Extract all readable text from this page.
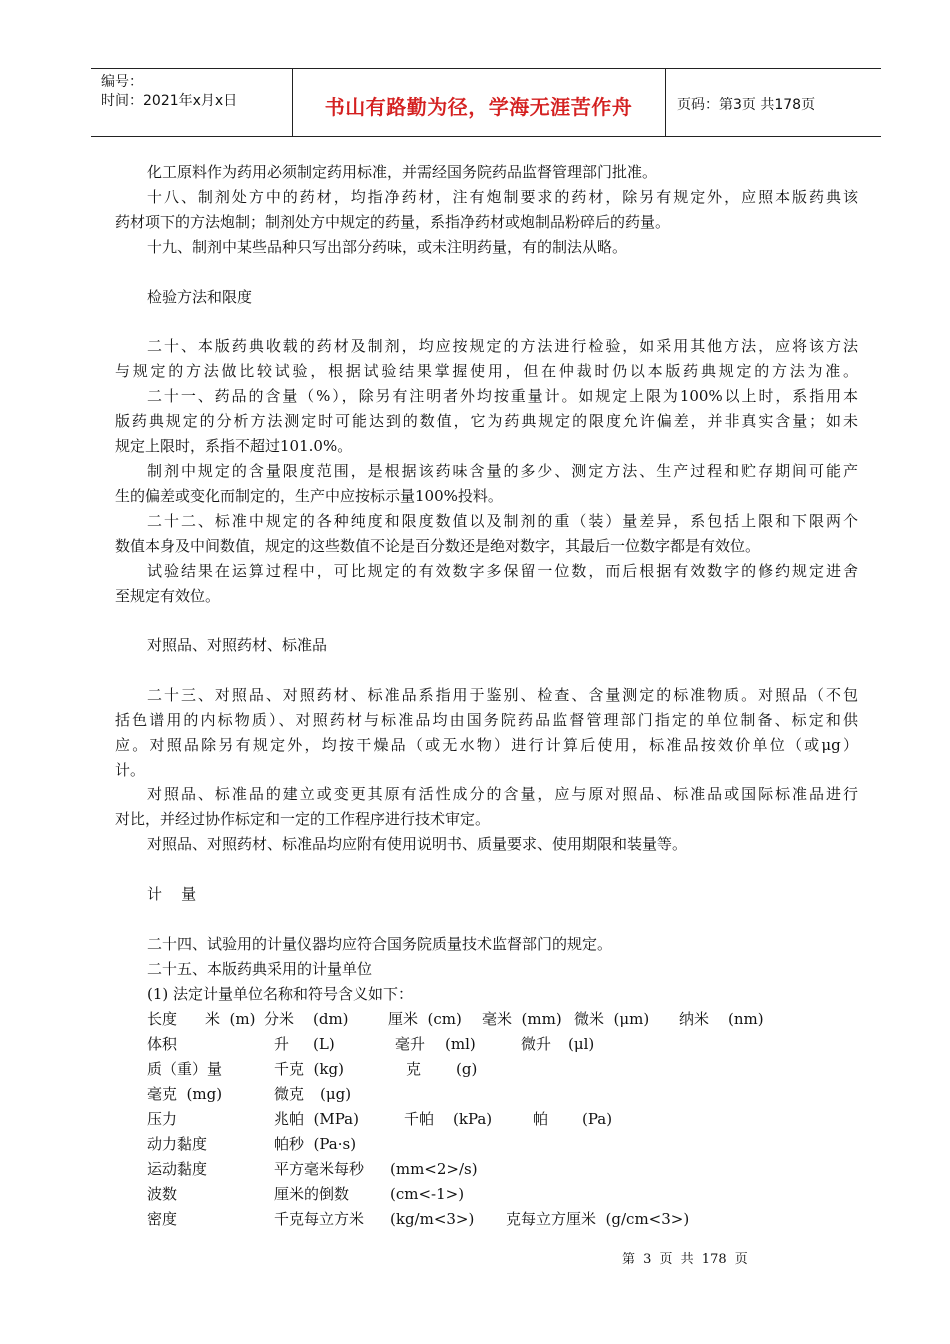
编号：
时间：2021年x月x日	书山有路勤为径，学海无涯苦作舟	页码：第3页 共178页
化工原料作为药用必须制定药用标准，并需经国务院药品监督管理部门批准。
十八、制剂处方中的药材，均指净药材，注有炮制要求的药材，除另有规定外，应照本版药典该
药材项下的方法炮制；制剂处方中规定的药量，系指净药材或炮制品粉碎后的药量。
十九、制剂中某些品种只写出部分药味，或未注明药量，有的制法从略。
检验方法和限度
二十、本版药典收载的药材及制剂，均应按规定的方法进行检验，如采用其他方法，应将该方法
与规定的方法做比较试验，根据试验结果掌握使用，但在仲裁时仍以本版药典规定的方法为准。
二十一、药品的含量（%），除另有注明者外均按重量计。如规定上限为100%以上时，系指用本
版药典规定的分析方法测定时可能达到的数值，它为药典规定的限度允许偏差，并非真实含量；如未
规定上限时，系指不超过101.0%。
制剂中规定的含量限度范围，是根据该药味含量的多少、测定方法、生产过程和贮存期间可能产
生的偏差或变化而制定的，生产中应按标示量100%投料。
二十二、标准中规定的各种纯度和限度数值以及制剂的重（装）量差异，系包括上限和下限两个
数值本身及中间数值，规定的这些数值不论是百分数还是绝对数字，其最后一位数字都是有效位。
试验结果在运算过程中，可比规定的有效数字多保留一位数，而后根据有效数字的修约规定进舍
至规定有效位。
对照品、对照药材、标准品
二十三、对照品、对照药材、标准品系指用于鉴别、检查、含量测定的标准物质。对照品（不包
括色谱用的内标物质）、对照药材与标准品均由国务院药品监督管理部门指定的单位制备、标定和供
应。对照品除另有规定外，均按干燥品（或无水物）进行计算后使用，标准品按效价单位（或μg）
计。
对照品、标准品的建立或变更其原有活性成分的含量，应与原对照品、标准品或国际标准品进行
对比，并经过协作标定和一定的工作程序进行技术审定。
对照品、对照药材、标准品均应附有使用说明书、质量要求、使用期限和装量等。
计    量
二十四、试验用的计量仪器均应符合国务院质量技术监督部门的规定。
二十五、本版药典采用的计量单位
(1) 法定计量单位名称和符号含义如下：
长度 米  (m) 分米 (dm)	厘米  (cm) 毫米  (mm) 微米  (μm) 纳米 (nm)
体积	升 (L)	毫升 (ml)	微升 (μl)
质（重）量	千克  (kg)	克 (g)
毫克  (mg)	微克 (μg)
压力	兆帕  (MPa)	千帕 (kPa)	帕 (Pa)
动力黏度	帕秒  (Pa·s)
运动黏度	平方毫米每秒 (mm<2>/s)
波数	厘米的倒数	(cm<-1>)
密度	千克每立方米 (kg/m<3>) 克每立方厘米  (g/cm<3>)
第 3 页 共 178 页
